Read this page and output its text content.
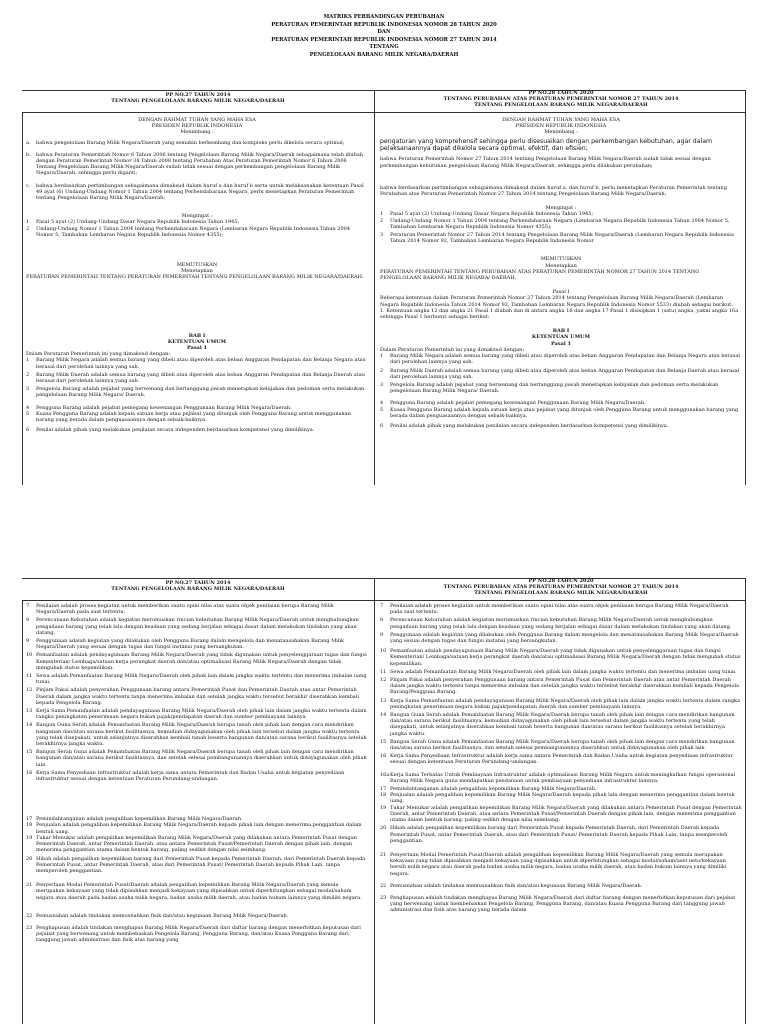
MATRIKS PERBANDINGAN PERUBAHAN
PERATURAN PEMERINTAH REPUBLIK INDONESIA NOMOR 28 TAHUN 2020
DAN
PERATURAN PEMERINTAH REPUBLIK INDONESIA NOMOR 27 TAHUN 2014
TENTANG
PENGELOLAAN BARANG MILIK NEGARA/DAERAH
PP NO.27 TAHUN 2014
TENTANG PENGELOLAAN BARANG MILIK NEGARA/DAERAH
PP NO.28 TAHUN 2020
TENTANG PERUBAHAN ATAS PERATURAN PEMERINTAH NOMOR 27 TAHUN 2014
TENTANG PENGELOLAAN BARANG MILIK NEGARA/DAERAH
DENGAN RAHMAT TUHAN YANG MAHA ESA
PRESIDEN REPUBLIK INDONESIA
Menimbang :
a.	bahwa pengelolaan Barang Milik Negara/Daerah yang semakin berkembang dan kompleks perlu dikelola secara optimal;
b.	bahwa Peraturan Pemerintah Nomor 6 Tahun 2006 tentang Pengelolaan Barang Milik Negara/Daerah sebagaimana telah diubah dengan Peraturan Pemerintah Nomor 38 Tahun 2008 tentang Perubahan Atas Peraturan Pemerintah Nomor 6 Tahun 2006 Tentang Pengelolaan Barang Milik Negara/Daerah sudah tidak sesuai dengan perkembangan pengelolaan Barang Milik Negara/Daerah, sehingga perlu diganti;
c.	bahwa berdasarkan pertimbangan sebagaimana dimaksud dalam huruf a dan huruf b serta untuk melaksanakan ketentuan Pasal 49 ayat (6) Undang-Undang Nomor 1 Tahun 2004 tentang Perbendaharaan Negara, perlu menetapkan Peraturan Pemerintah tentang Pengelolaan Barang Milik Negara/Daerah;
Mengingat :
1	Pasal 5 ayat (2) Undang-Undang Dasar Negara Republik Indonesia Tahun 1945;
2	Undang-Undang Nomor 1 Tahun 2004 tentang Perbendaharaan Negara (Lembaran Negara Republik Indonesia Tahun 2004 Nomor 5, Tambahan Lembaran Negara Republik Indonesia Nomor 4355);
MEMUTUSKAN
Menetapkan
PERATURAN PEMERINTAH TENTANG PERATURAN PEMERINTAH TENTANG PENGELOLAAN BARANG MILIK NEGARA/DAERAH.
BAB I
KETENTUAN UMUM
Pasal 1
Dalam Peraturan Pemerintah ini yang dimaksud dengan:
1	Barang Milik Negara adalah semua barang yang dibeli atau diperoleh atas beban Anggaran Pendapatan dan Belanja Negara atau berasal dari perolehan lainnya yang sah.
2	Barang Milik Daerah adalah semua barang yang dibeli atau diperoleh atas beban Anggaran Pendapatan dan Belanja Daerah atau berasal dari perolehan lainnya yang sah.
3	Pengelola Barang adalah pejabat yang berwenang dan bertanggung jawab menetapkan kebijakan dan pedoman serta melakukan pengelolaan Barang Milik Negara/ Daerah.
4	Pengguna Barang adalah pejabat pemegang kewenangan Penggunaan Barang Milik Negara/Daerah.
5	Kuasa Pengguna Barang adalah kepala satuan kerja atau pejabat yang ditunjuk oleh Pengguna Barang untuk menggunakan barang yang berada dalam penguasaannya dengan sebaik-baiknya.
6	Penilai adalah pihak yang melakukan penilaian secara independen berdasarkan kompetensi yang dimilikinya.
DENGAN RAHMAT TUHAN YANG MAHA ESA
PRESIDEN REPUBLIK INDONESIA
Menimbang :
pengaturan yang komprehensif sehingga perlu disesuaikan dengan perkembangan kebutuhan, agar dalam pelaksanaannya dapat dikelola secara optimal, efektif, dan efisien;
bahwa Peraturan Pemerintah Nomor 27 Tahun 2014 tentang Pengelolaan Barang Milik Negara/Daerah sudah tidak sesuai dengan perkembangan kebutuhan pengelolaan Barang Milik Negara/Daerah, sehingga perlu dilakukan perubahan;
bahwa berdasarkan pertimbangan sebagaimana dimaksud dalam huruf a, dan huruf b, perlu menetapkan Peraturan Pemerintah tentang Perubahan atas Peraturan Pemerintah Nomor 27 Tahun 2014 tentang Pengelolaan Barang Milik Negara/Daerah;
Mengingat :
1	Pasal 5 ayat (2) Undang-Undang Dasar Negara Republik Indonesia Tahun 1945;
2	Undang-Undang Nomor 1 Tahun 2004 tentang Perbendaharaan Negara (Lembaran Negara Republik Indonesia Tahun 2004 Nomor 5, Tambahan Lembaran Negara Republik Indonesia Nomor 4355);
3	Peraturan Pemerintah Nomor 27 Tahun 2014 tentang Pengelolaan Barang Milik Negara/Daerah (Lembaran Negara Republik Indonesia Tahun 2014 Nomor 92, Tambahan Lembaran Negara Republik Indonesia Nomor
MEMUTUSKAN
Menetapkan
PERATURAN PEMERINTAH TENTANG PERUBAHAN ATAS PERATURAN PEMERINTAH NOMOR 27 TAHUN 2014 TENTANG PENGELOLAAN BARANG MILIK NEGARA/ DAERAH.
Pasal I
Beberapa ketentuan dalam Peraturan Pemerintah Nomor 27 Tahun 2014 tentang Pengelolaan Barang Milik Negara/Daerah (Lembaran Negara Republik Indonesia Tahun 2014 Nomor 92, Tambahan Lembaran Negara Republik Indonesia Nomor 5533) diubah sebagai berikut:
1. Ketentuan angka 12 dan angka 21 Pasal 1 diubah dan di antara angka 16 dan angka 17 Pasal 1 disisipkan 1 (satu) angka, yakni angka 16a sehingga Pasal 1 berbunyi sebagai berikut:
BAB I
KETENTUAN UMUM
Pasal 1
Dalam Peraturan Pemerintah ini yang dimaksud dengan:
1	Barang Milik Negara adalah semua barang yang dibeli atau diperoleh atas beban Anggaran Pendapatan dan Belanja Negara atau berasal dari perolehan lainnya yang sah.
2	Barang Milik Daerah adalah semua barang yang dibeli atau diperoleh atas beban Anggaran Pendapatan dan Belanja Daerah atau berasal dari perolehan lainnya yang sah.
3	Pengelola Barang adalah pejabat yang berwenang dan bertanggung jawab menetapkan kebijakan dan pedoman serta melakukan pengelolaan Barang Milik Negara/ Daerah.
4	Pengguna Barang adalah pejabat pemegang kewenangan Penggunaan Barang Milik Negara/Daerah.
5	Kuasa Pengguna Barang adalah kepala satuan kerja atau pejabat yang ditunjuk oleh Pengguna Barang untuk menggunakan barang yang berada dalam penguasaannya dengan sebaik-baiknya.
6	Penilai adalah pihak yang melakukan penilaian secara independen berdasarkan kompetensi yang dimilikinya.
PP NO.27 TAHUN 2014
TENTANG PENGELOLAAN BARANG MILIK NEGARA/DAERAH
PP NO.28 TAHUN 2020
TENTANG PERUBAHAN ATAS PERATURAN PEMERINTAH NOMOR 27 TAHUN 2014
TENTANG PENGELOLAAN BARANG MILIK NEGARA/DAERAH
7	Penilaian adalah proses kegiatan untuk memberikan suatu opini nilai atas suatu objek penilaian berupa Barang Milik Negara/Daerah pada saat tertentu.
8	Perencanaan Kebutuhan adalah kegiatan merumuskan rincian kebutuhan Barang Milik Negara/Daerah untuk menghubungkan pengadaan barang yang telah lalu dengan keadaan yang sedang berjalan sebagai dasar dalam melakukan tindakan yang akan datang.
9	Penggunaan adalah kegiatan yang dilakukan oleh Pengguna Barang dalam mengelola dan menatausahakan Barang Milik Negara/Daerah yang sesuai dengan tugas dan fungsi instansi yang bersangkutan.
10 Pemanfaatan adalah pendayagunaan Barang Milik Negara/Daerah yang tidak digunakan untuk penyelenggaraan tugas dan fungsi Kementerian/ Lembaga/satuan kerja perangkat daerah dan/atau optimalisasi Barang Milik Negara/Daerah dengan tidak mengubah status kepemilikan.
11 Sewa adalah Pemanfaatan Barang Milik Negara/Daerah oleh pihak lain dalam jangka waktu tertentu dan menerima imbalan uang tunai.
12 Pinjam Pakai adalah penyerahan Penggunaan barang antara Pemerintah Pusat dan Pemerintah Daerah atau antar Pemerintah Daerah dalam jangka waktu tertentu tanpa menerima imbalan dan setelah jangka waktu tersebut berakhir diserahkan kembali kepada Pengelola Barang.
13 Kerja Sama Pemanfaatan adalah pendayagunaan Barang Milik Negara/Daerah oleh pihak lain dalam jangka waktu tertentu dalam rangka peningkatan penerimaan negara bukan pajak/pendapatan daerah dan sumber pembiayaan lainnya.
14 Bangun Guna Serah adalah Pemanfaatan Barang Milik Negara/Daerah berupa tanah oleh pihak lain dengan cara mendirikan bangunan dan/atau sarana berikut fasilitasnya, kemudian didayagunakan oleh pihak lain tersebut dalam jangka waktu tertentu yang telah disepakati, untuk selanjutnya diserahkan kembali tanah beserta bangunan dan/atau sarana berikut fasilitasnya setelah berakhirnya jangka waktu.
15 Bangun Serah Guna adalah Pemanfaatan Barang Milik Negara/Daerah berupa tanah oleh pihak lain dengan cara mendirikan bangunan dan/atau sarana berikut fasilitasnya, dan setelah selesai pembangunannya diserahkan untuk didayagunakan oleh pihak lain
16 Kerja Sama Penyediaan Infrastruktur adalah kerja sama antara Pemerintah dan Badan Usaha untuk kegiatan penyediaan infrastruktur sesuai dengan ketentuan Peraturan Perundang-undangan.
17 Pemindahtanganan adalah pengalihan kepemilikan Barang Milik Negara/Daerah.
18 Penjualan adalah pengalihan kepemilikan Barang Milik Negara/Daerah kepada pihak lain dengan menerima penggantian dalam bentuk uang.
19 Tukar Menukar adalah pengalihan kepemilikan Barang Milik Negara/Daerah yang dilakukan antara Pemerintah Pusat dengan Pemerintah Daerah, antar Pemerintah Daerah, atau antara Pemerintah Pusat/Pemerintah Daerah dengan pihak lain, dengan menerima penggantian utama dalam bentuk barang, paling sedikit dengan nilai seimbang.
20 Hibah adalah pengalihan kepemilikan barang dari Pemerintah Pusat kepada Pemerintah Daerah, dari Pemerintah Daerah kepada Pemerintah Pusat, antar Pemerintah Daerah, atau dari Pemerintah Pusat/ Pemerintah Daerah kepada Pihak Lain, tanpa memperoleh penggantian.
21 Penyertaan Modal Pemerintah Pusat/Daerah adalah pengalihan kepemilikan Barang Milik Negara/Daerah yang semula merupakan kekayaan yang tidak dipisahkan menjadi kekayaan yang dipisahkan untuk diperhitungkan sebagai modal/saham negara atau daerah pada badan usaha milik negara, badan usaha milik daerah, atau badan hukum lainnya yang dimiliki negara.
22 Pemusnahan adalah tindakan memusnahkan fisik dan/atau kegunaan Barang Milik Negara/Daerah.
23 Penghapusan adalah tindakan menghapus Barang Milik Negara/Daerah dari daftar barang dengan menerbitkan keputusan dari pejabat yang berwenang untuk membebaskan Pengelola Barang, Pengguna Barang, dan/atau Kuasa Pengguna Barang dari tanggung jawab administrasi dan fisik atas barang yang
7	Penilaian adalah proses kegiatan untuk memberikan suatu opini nilai atas suatu objek penilaian berupa Barang Milik Negara/Daerah pada saat tertentu.
8	Perencanaan Kebutuhan adalah kegiatan merumuskan rincian kebutuhan Barang Milik Negara/Daerah untuk menghubungkan pengadaan barang yang telah lalu dengan keadaan yang sedang berjalan sebagai dasar dalam melakukan tindakan yang akan datang.
9	Penggunaan adalah kegiatan yang dilakukan oleh Pengguna Barang dalam mengelola dan menatausahakan Barang Milik Negara/Daerah yang sesuai dengan tugas dan fungsi instansi yang bersangkutan.
10 Pemanfaatan adalah pendayagunaan Barang Milik Negara/Daerah yang tidak digunakan untuk penyelenggaraan tugas dan fungsi Kementerian/ Lembaga/satuan kerja perangkat daerah dan/atau optimalisasi Barang Milik Negara/Daerah dengan tidak mengubah status kepemilikan.
11 Sewa adalah Pemanfaatan Barang Milik Negara/Daerah oleh pihak lain dalam jangka waktu tertentu dan menerima imbalan uang tunai.
12 Pinjam Pakai adalah penyerahan Penggunaan barang antara Pemerintah Pusat dan Pemerintah Daerah atau antar Pemerintah Daerah dalam jangka waktu tertentu tanpa menerima imbalan dan setelah jangka waktu tersebut berakhir diserahkan kembali kepada Pengelola Barang/Pengguna Barang.
13 Kerja Sama Pemanfaatan adalah pendayagunaan Barang Milik Negara/Daerah oleh pihak lain dalam jangka waktu tertentu dalam rangka peningkatan penerimaan negara bukan pajak/pendapatan daerah dan sumber pembiayaan lainnya.
14 Bangun Guna Serah adalah Pemanfaatan Barang Milik Negara/Daerah berupa tanah oleh pihak lain dengan cara mendirikan bangunan dan/atau sarana berikut fasilitasnya, kemudian didayagunakan oleh pihak lain tersebut dalam jangka waktu tertentu yang telah disepakati, untuk selanjutnya diserahkan kembali tanah beserta bangunan dan/atau sarana berikut fasilitasnya setelah berakhirnya jangka waktu.
15 Bangun Serah Guna adalah Pemanfaatan Barang Milik Negara/Daerah berupa tanah oleh pihak lain dengan cara mendirikan bangunan dan/atau sarana berikut fasilitasnya, dan setelah selesai pembangunannya diserahkan untuk didayagunakan oleh pihak lain
16 Kerja Sama Penyediaan Infrastruktur adalah kerja sama antara Pemerintah dan Badan Usaha untuk kegiatan penyediaan infrastruktur sesuai dengan ketentuan Peraturan Perundang-undangan.
16a Kerja Sama Terbatas Untuk Pembiayaan Infrastruktur adalah optimalisasi Barang Milik Negara untuk meningkatkan fungsi operasional Barang Milik Negara guna mendapatkan pendanaan untuk pembiayaan penyediaan infrastruktur lainnya.
17 Pemindahtanganan adalah pengalihan kepemilikan Barang Milik Negara/Daerah.
18 Penjualan adalah pengalihan kepemilikan Barang Milik Negara/Daerah kepada pihak lain dengan menerima penggantian dalam bentuk uang.
19 Tukar Menukar adalah pengalihan kepemilikan Barang Milik Negara/Daerah yang dilakukan antara Pemerintah Pusat dengan Pemerintah Daerah, antar Pemerintah Daerah, atau antara Pemerintah Pusat/Pemerintah Daerah dengan pihak lain, dengan menerima penggantian utama dalam bentuk barang, paling sedikit dengan nilai seimbang.
20 Hibah adalah pengalihan kepemilikan barang dari Pemerintah Pusat kepada Pemerintah Daerah, dari Pemerintah Daerah kepada Pemerintah Pusat, antar Pemerintah Daerah, atau dari Pemerintah Pusat/ Pemerintah Daerah kepada Pihak Lain, tanpa memperoleh penggantian.
21 Penyertaan Modal Pemerintah Pusat/Daerah adalah pengalihan kepemilikan Barang Milik Negara/Daerah yang semula merupakan kekayaan yang tidak dipisahkan menjadi kekayaan yang dipisahkan untuk diperhitungkan sebagai modal/saham/aset neto/kekayaan bersih milik negara atau daerah pada badan usaha milik negara, badan usaha milik daerah, atau badan hukum lainnya yang dimiliki negara.
22 Pemusnahan adalah tindakan memusnahkan fisik dan/atau kegunaan Barang Milik Negara/Daerah.
23 Penghapusan adalah tindakan menghapus Barang Milik Negara/Daerah dari daftar barang dengan menerbitkan keputusan dari pejabat yang berwenang untuk membebaskan Pengelola Barang, Pengguna Barang, dan/atau Kuasa Pengguna Barang dari tanggung jawab administrasi dan fisik atas barang yang berada dalam
